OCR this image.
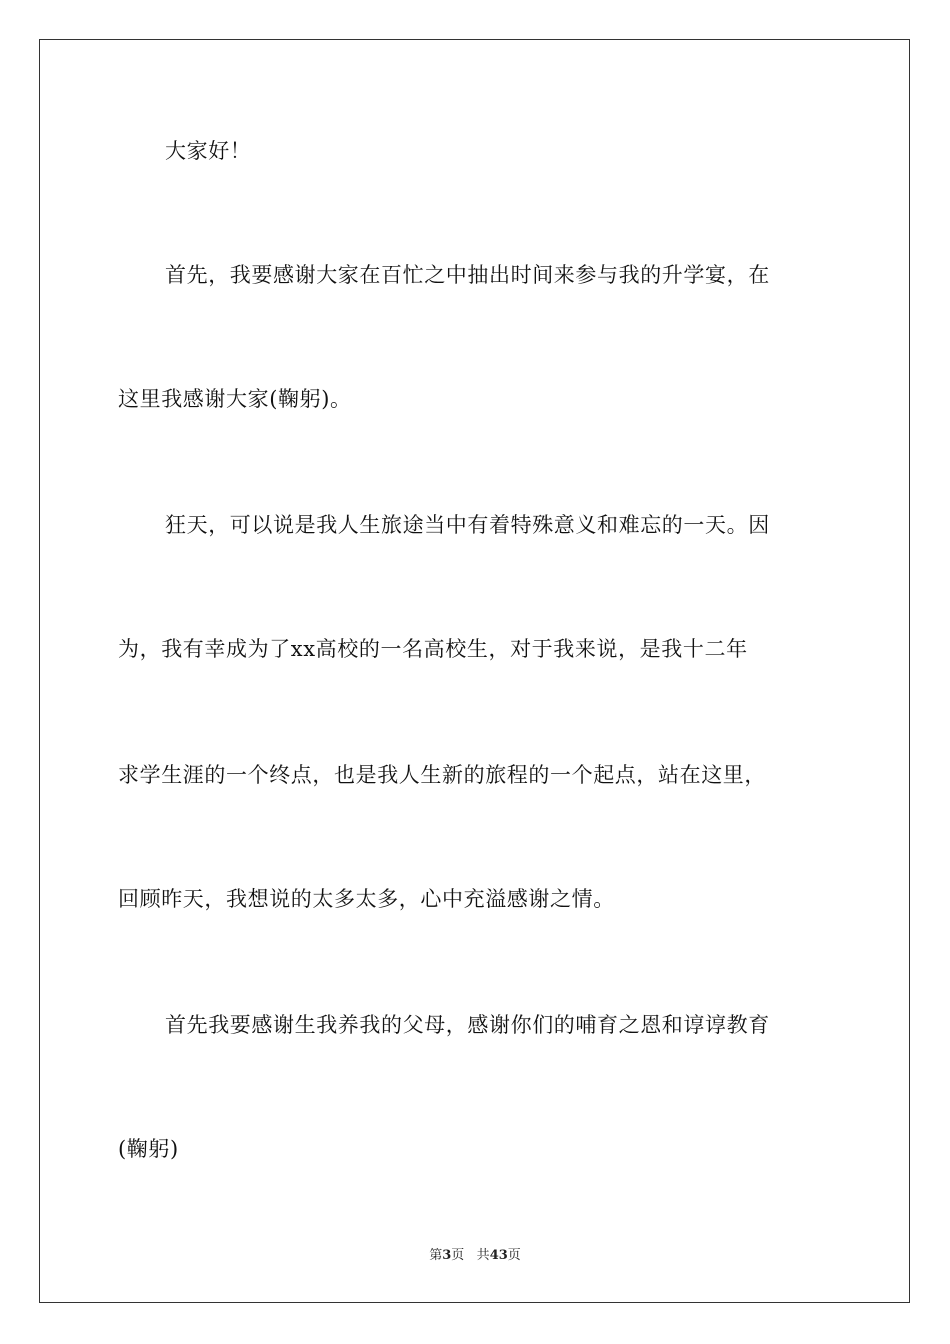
大家好！
首先，我要感谢大家在百忙之中抽出时间来参与我的升学宴，在
这里我感谢大家(鞠躬)。
狂天，可以说是我人生旅途当中有着特殊意义和难忘的一天。因
为，我有幸成为了xx高校的一名高校生，对于我来说，是我十二年
求学生涯的一个终点，也是我人生新的旅程的一个起点，站在这里，
回顾昨天，我想说的太多太多，心中充溢感谢之情。
首先我要感谢生我养我的父母，感谢你们的哺育之恩和谆谆教育
(鞠躬)
第3页 共43页
